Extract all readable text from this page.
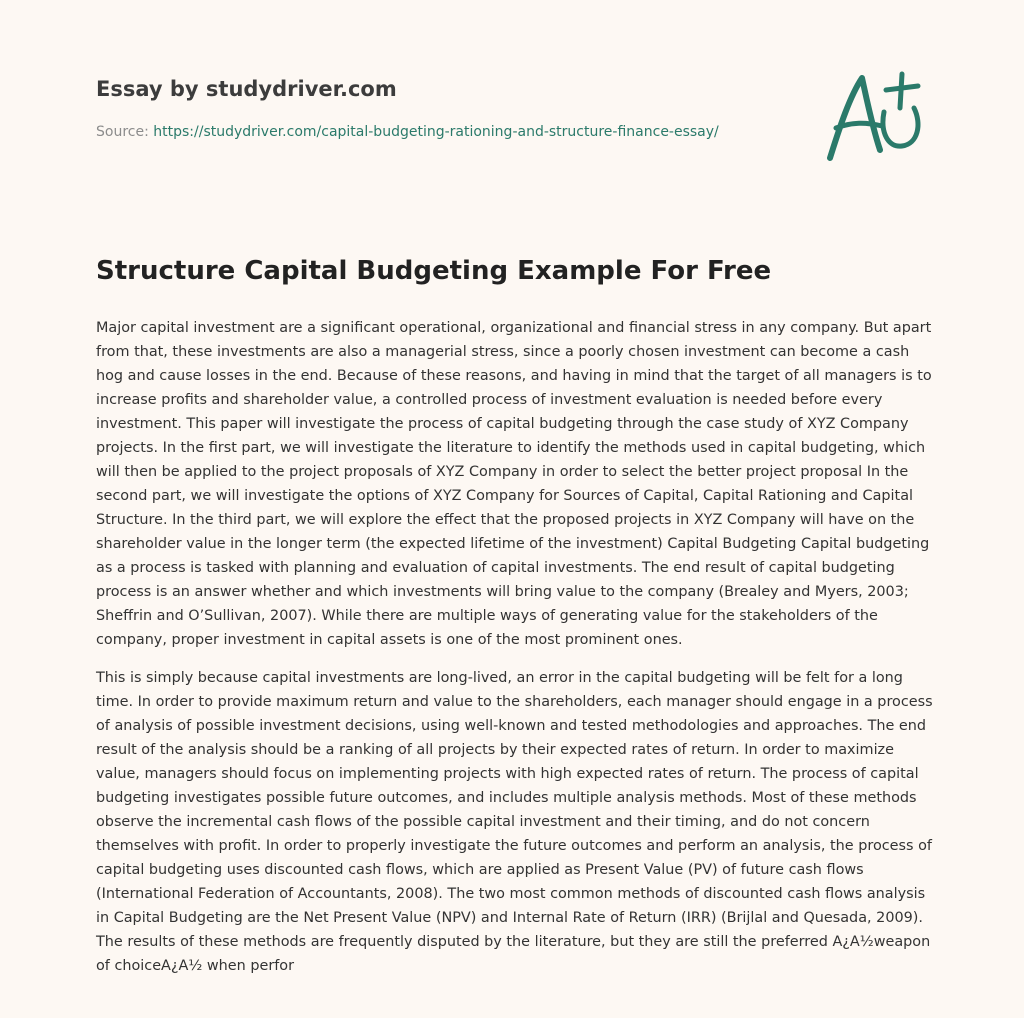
Essay by studydriver.com
Source: https://studydriver.com/capital-budgeting-rationing-and-structure-finance-essay/
Structure Capital Budgeting Example For Free

Major capital investment are a significant operational, organizational and financial stress in any company. But apart from that, these investments are also a managerial stress, since a poorly chosen investment can become a cash hog and cause losses in the end. Because of these reasons, and having in mind that the target of all managers is to increase profits and shareholder value, a controlled process of investment evaluation is needed before every investment. This paper will investigate the process of capital budgeting through the case study of XYZ Company projects. In the first part, we will investigate the literature to identify the methods used in capital budgeting, which will then be applied to the project proposals of XYZ Company in order to select the better project proposal In the second part, we will investigate the options of XYZ Company for Sources of Capital, Capital Rationing and Capital Structure. In the third part, we will explore the effect that the proposed projects in XYZ Company will have on the shareholder value in the longer term (the expected lifetime of the investment) Capital Budgeting Capital budgeting as a process is tasked with planning and evaluation of capital investments. The end result of capital budgeting process is an answer whether and which investments will bring value to the company (Brealey and Myers, 2003; Sheffrin and O’Sullivan, 2007). While there are multiple ways of generating value for the stakeholders of the company, proper investment in capital assets is one of the most prominent ones.

This is simply because capital investments are long-lived, an error in the capital budgeting will be felt for a long time. In order to provide maximum return and value to the shareholders, each manager should engage in a process of analysis of possible investment decisions, using well-known and tested methodologies and approaches. The end result of the analysis should be a ranking of all projects by their expected rates of return. In order to maximize value, managers should focus on implementing projects with high expected rates of return. The process of capital budgeting investigates possible future outcomes, and includes multiple analysis methods. Most of these methods observe the incremental cash flows of the possible capital investment and their timing, and do not concern themselves with profit. In order to properly investigate the future outcomes and perform an analysis, the process of capital budgeting uses discounted cash flows, which are applied as Present Value (PV) of future cash flows (International Federation of Accountants, 2008). The two most common methods of discounted cash flows analysis in Capital Budgeting are the Net Present Value (NPV) and Internal Rate of Return (IRR) (Brijlal and Quesada, 2009). The results of these methods are frequently disputed by the literature, but they are still the preferred A¿A½weapon of choiceA¿A½ when perfor
